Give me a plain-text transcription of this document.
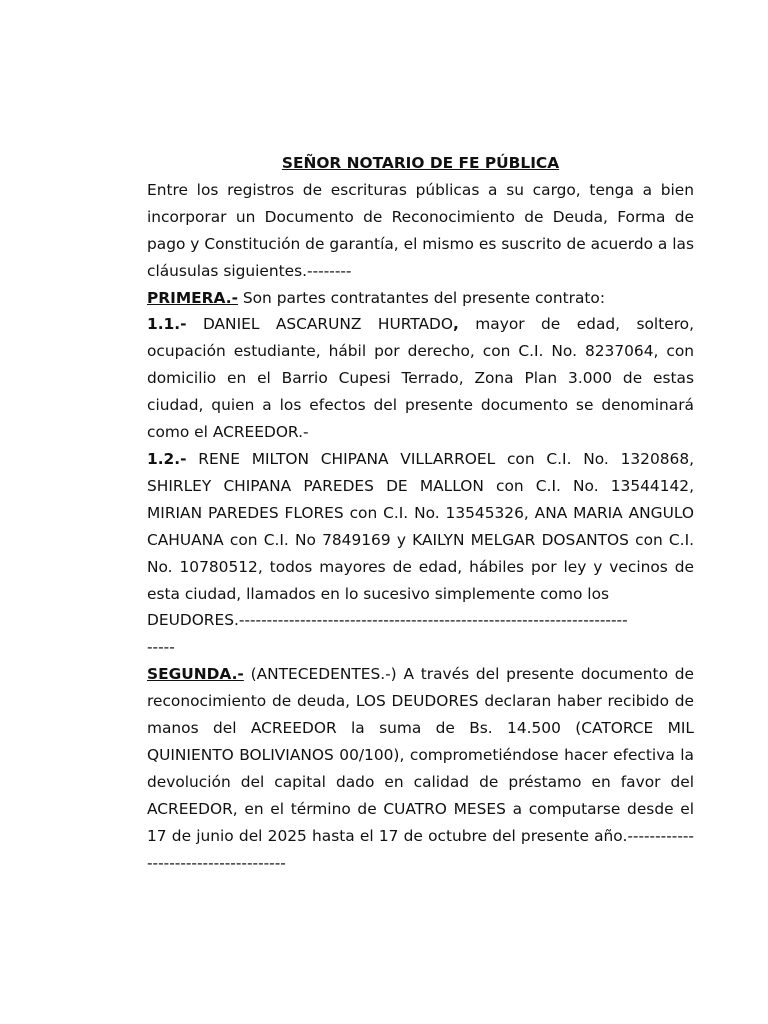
SEÑOR NOTARIO DE FE PÚBLICA

Entre los registros de escrituras públicas a su cargo, tenga a bien incorporar un Documento de Reconocimiento de Deuda, Forma de pago y Constitución de garantía, el mismo es suscrito de acuerdo a las cláusulas siguientes.--------

PRIMERA.- Son partes contratantes del presente contrato:

1.1.- DANIEL ASCARUNZ HURTADO, mayor de edad, soltero, ocupación estudiante, hábil por derecho, con C.I. No. 8237064, con domicilio en el Barrio Cupesi Terrado, Zona Plan 3.000 de estas ciudad, quien a los efectos del presente documento se denominará como el ACREEDOR.-

1.2.- RENE MILTON CHIPANA VILLARROEL con C.I. No. 1320868, SHIRLEY CHIPANA PAREDES DE MALLON con C.I. No. 13544142, MIRIAN PAREDES FLORES con C.I. No. 13545326, ANA MARIA ANGULO CAHUANA con C.I. No 7849169 y KAILYN MELGAR DOSANTOS con C.I. No. 10780512, todos mayores de edad, hábiles por ley y vecinos de esta ciudad, llamados en lo sucesivo simplemente como los

DEUDORES.----------------------------------------------------------------------
-----

SEGUNDA.- (ANTECEDENTES.-) A través del presente documento de reconocimiento de deuda, LOS DEUDORES declaran haber recibido de manos del ACREEDOR la suma de Bs. 14.500 (CATORCE MIL QUINIENTO BOLIVIANOS 00/100), comprometiéndose hacer efectiva la devolución del capital dado en calidad de préstamo en favor del ACREEDOR, en el término de CUATRO MESES a computarse desde el 17 de junio del 2025 hasta el 17 de octubre del presente año.-------------------------------------
